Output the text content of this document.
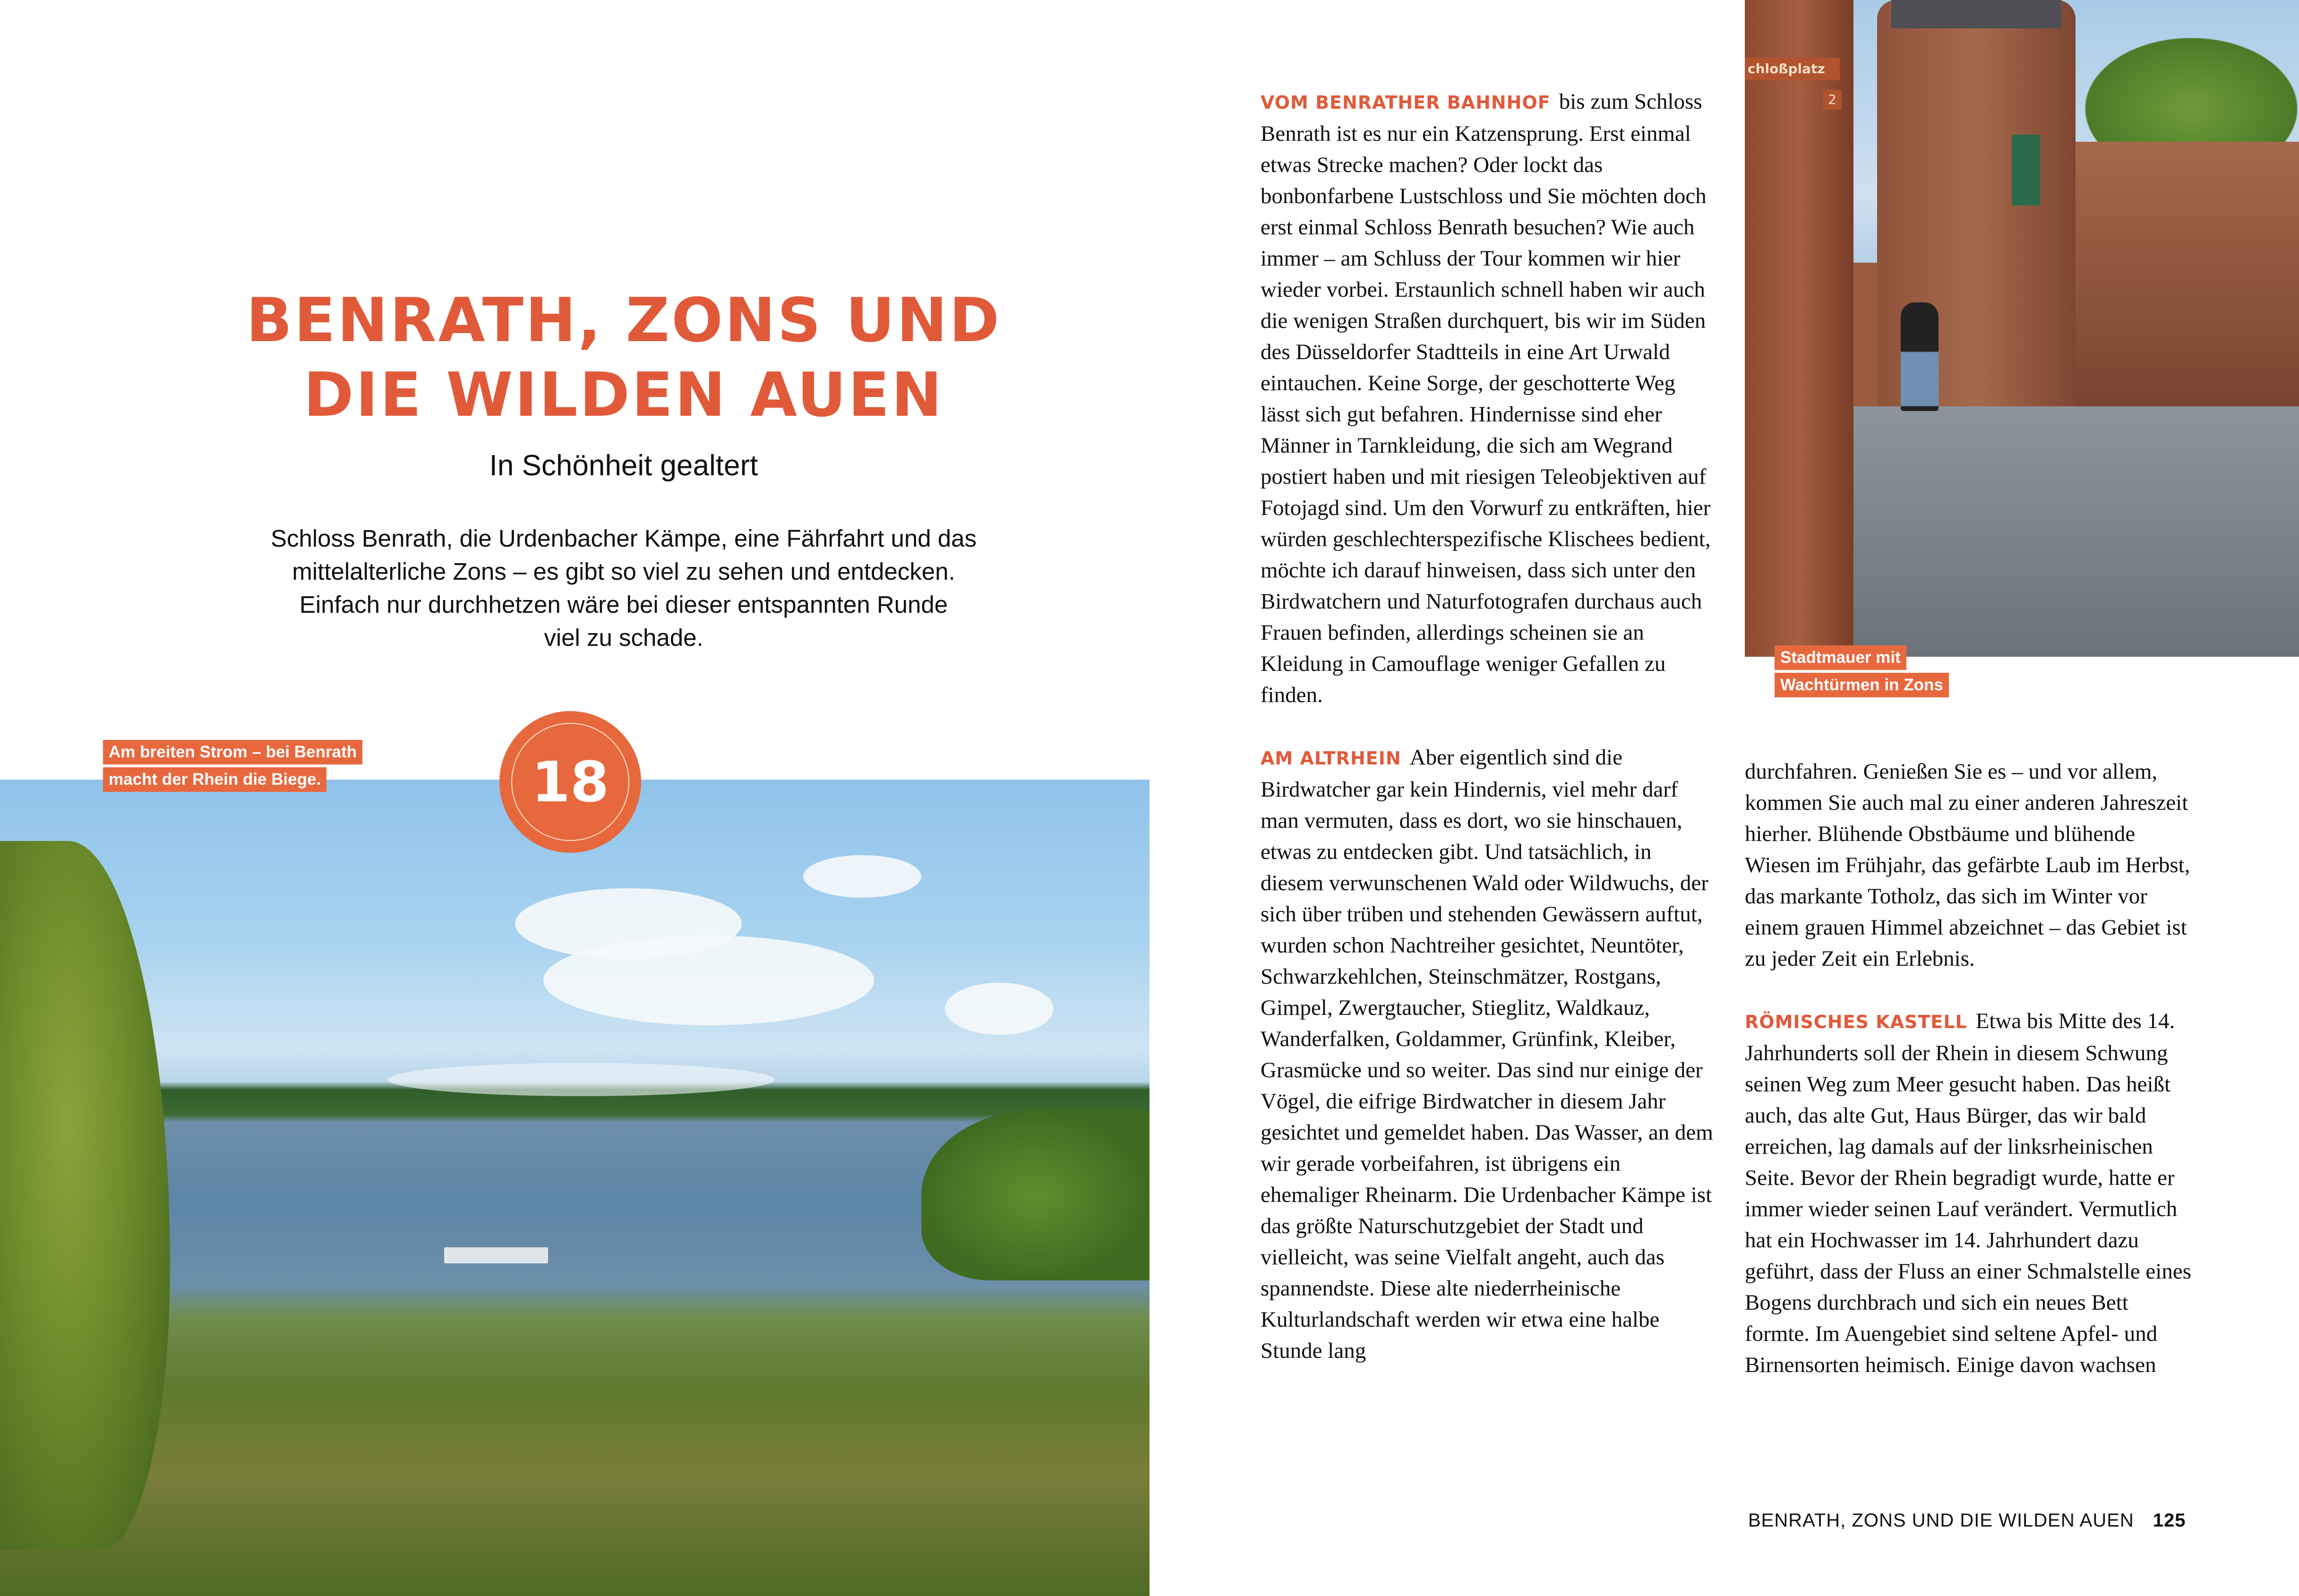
BENRATH, ZONS UND
DIE WILDEN AUEN
In Schönheit gealtert
Schloss Benrath, die Urdenbacher Kämpe, eine Fährfahrt und das
mittelalterliche Zons – es gibt so viel zu sehen und entdecken.
Einfach nur durchhetzen wäre bei dieser entspannten Runde
viel zu schade.
Am breiten Strom – bei Benrath
macht der Rhein die Biege.	18
chloßplatz
2
Stadtmauer mit
Wachtürmen in Zons

VOM BENRATHER BAHNHOF bis zum Schloss Benrath ist es nur ein Katzensprung. Erst einmal etwas Strecke machen? Oder lockt das bonbonfarbene Lustschloss und Sie möchten doch erst einmal Schloss Benrath besuchen? Wie auch immer – am Schluss der Tour kommen wir hier wieder vorbei. Erstaunlich schnell haben wir auch die wenigen Straßen durchquert, bis wir im Süden des Düsseldorfer Stadtteils in eine Art Urwald eintauchen. Keine Sorge, der geschotterte Weg lässt sich gut befahren. Hindernisse sind eher Männer in Tarnkleidung, die sich am Wegrand postiert haben und mit riesigen Teleobjektiven auf Fotojagd sind. Um den Vorwurf zu entkräften, hier würden geschlechterspezifische Klischees bedient, möchte ich darauf hinweisen, dass sich unter den Birdwatchern und Naturfotografen durchaus auch Frauen befinden, allerdings scheinen sie an Kleidung in Camouflage weniger Gefallen zu finden.

AM ALTRHEIN Aber eigentlich sind die Birdwatcher gar kein Hindernis, viel mehr darf man vermuten, dass es dort, wo sie hinschauen, etwas zu entdecken gibt. Und tatsächlich, in diesem verwunschenen Wald oder Wildwuchs, der sich über trüben und stehenden Gewässern auftut, wurden schon Nachtreiher gesichtet, Neuntöter, Schwarzkehlchen, Steinschmätzer, Rostgans, Gimpel, Zwergtaucher, Stieglitz, Waldkauz, Wanderfalken, Goldammer, Grünfink, Kleiber, Grasmücke und so weiter. Das sind nur einige der Vögel, die eifrige Birdwatcher in diesem Jahr gesichtet und gemeldet haben. Das Wasser, an dem wir gerade vorbeifahren, ist übrigens ein ehemaliger Rheinarm. Die Urdenbacher Kämpe ist das größte Naturschutzgebiet der Stadt und vielleicht, was seine Vielfalt angeht, auch das spannendste. Diese alte niederrheinische Kulturlandschaft werden wir etwa eine halbe Stunde lang

durchfahren. Genießen Sie es – und vor allem, kommen Sie auch mal zu einer anderen Jahreszeit hierher. Blühende Obstbäume und blühende Wiesen im Frühjahr, das gefärbte Laub im Herbst, das markante Totholz, das sich im Winter vor einem grauen Himmel abzeichnet – das Gebiet ist zu jeder Zeit ein Erlebnis.

RÖMISCHES KASTELL Etwa bis Mitte des 14. Jahrhunderts soll der Rhein in diesem Schwung seinen Weg zum Meer gesucht haben. Das heißt auch, das alte Gut, Haus Bürger, das wir bald erreichen, lag damals auf der linksrheinischen Seite. Bevor der Rhein begradigt wurde, hatte er immer wieder seinen Lauf verändert. Vermutlich hat ein Hochwasser im 14. Jahrhundert dazu geführt, dass der Fluss an einer Schmalstelle eines Bogens durchbrach und sich ein neues Bett formte. Im Auengebiet sind seltene Apfel- und Birnensorten heimisch. Einige davon wachsen

BENRATH, ZONS UND DIE WILDEN AUEN 125
